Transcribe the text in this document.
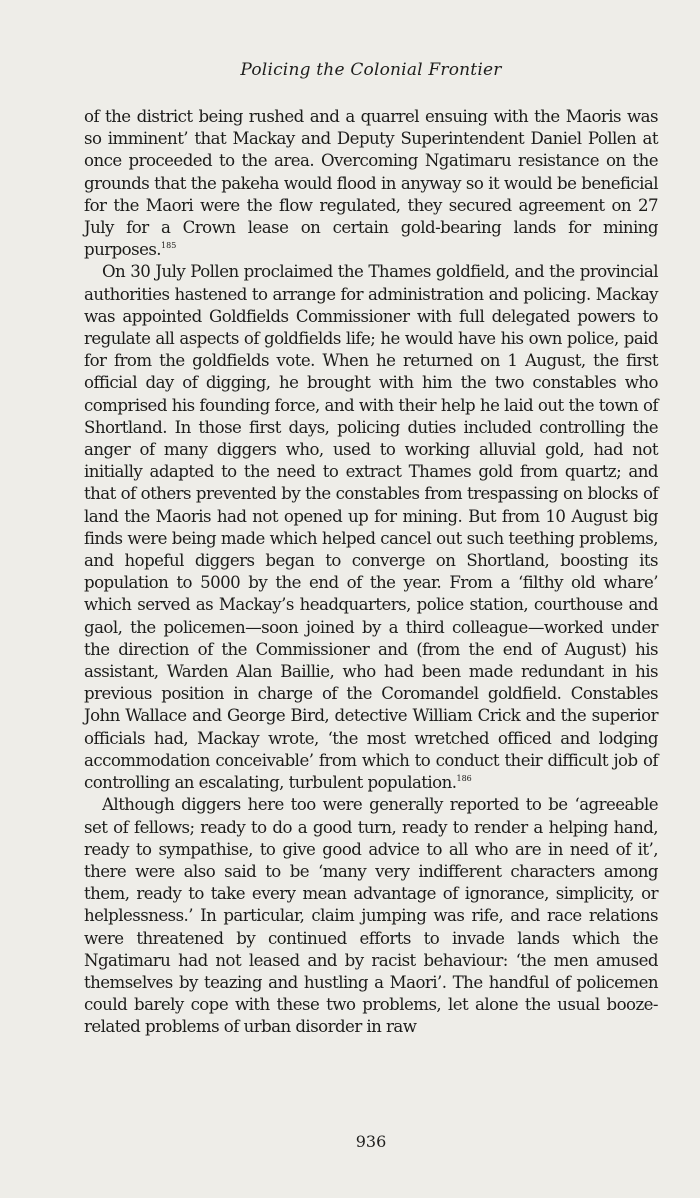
Policing the Colonial Frontier

of the district being rushed and a quarrel ensuing with the Maoris was so imminent’ that Mackay and Deputy Superintendent Daniel Pollen at once proceeded to the area. Overcoming Ngatimaru resistance on the grounds that the pakeha would flood in anyway so it would be beneficial for the Maori were the flow regulated, they secured agreement on 27 July for a Crown lease on certain gold-bearing lands for mining purposes.$^{185}$

On 30 July Pollen proclaimed the Thames goldfield, and the provincial authorities hastened to arrange for administration and policing. Mackay was appointed Goldfields Commissioner with full delegated powers to regulate all aspects of goldfields life; he would have his own police, paid for from the goldfields vote. When he returned on 1 August, the first official day of digging, he brought with him the two constables who comprised his founding force, and with their help he laid out the town of Shortland. In those first days, policing duties included controlling the anger of many diggers who, used to working alluvial gold, had not initially adapted to the need to extract Thames gold from quartz; and that of others prevented by the constables from trespassing on blocks of land the Maoris had not opened up for mining. But from 10 August big finds were being made which helped cancel out such teething problems, and hopeful diggers began to converge on Shortland, boosting its population to 5000 by the end of the year. From a ‘filthy old whare’ which served as Mackay’s headquarters, police station, courthouse and gaol, the policemen—soon joined by a third colleague—worked under the direction of the Commissioner and (from the end of August) his assistant, Warden Alan Baillie, who had been made redundant in his previous position in charge of the Coromandel goldfield. Constables John Wallace and George Bird, detective William Crick and the superior officials had, Mackay wrote, ‘the most wretched officed and lodging accommodation conceivable’ from which to conduct their difficult job of controlling an escalating, turbulent population.$^{186}$

Although diggers here too were generally reported to be ‘agreeable set of fellows; ready to do a good turn, ready to render a helping hand, ready to sympathise, to give good advice to all who are in need of it’, there were also said to be ‘many very indifferent characters among them, ready to take every mean advantage of ignorance, simplicity, or helplessness.’ In particular, claim jumping was rife, and race relations were threatened by continued efforts to invade lands which the Ngatimaru had not leased and by racist behaviour: ‘the men amused themselves by teazing and hustling a Maori’. The handful of policemen could barely cope with these two problems, let alone the usual booze-related problems of urban disorder in raw

936
